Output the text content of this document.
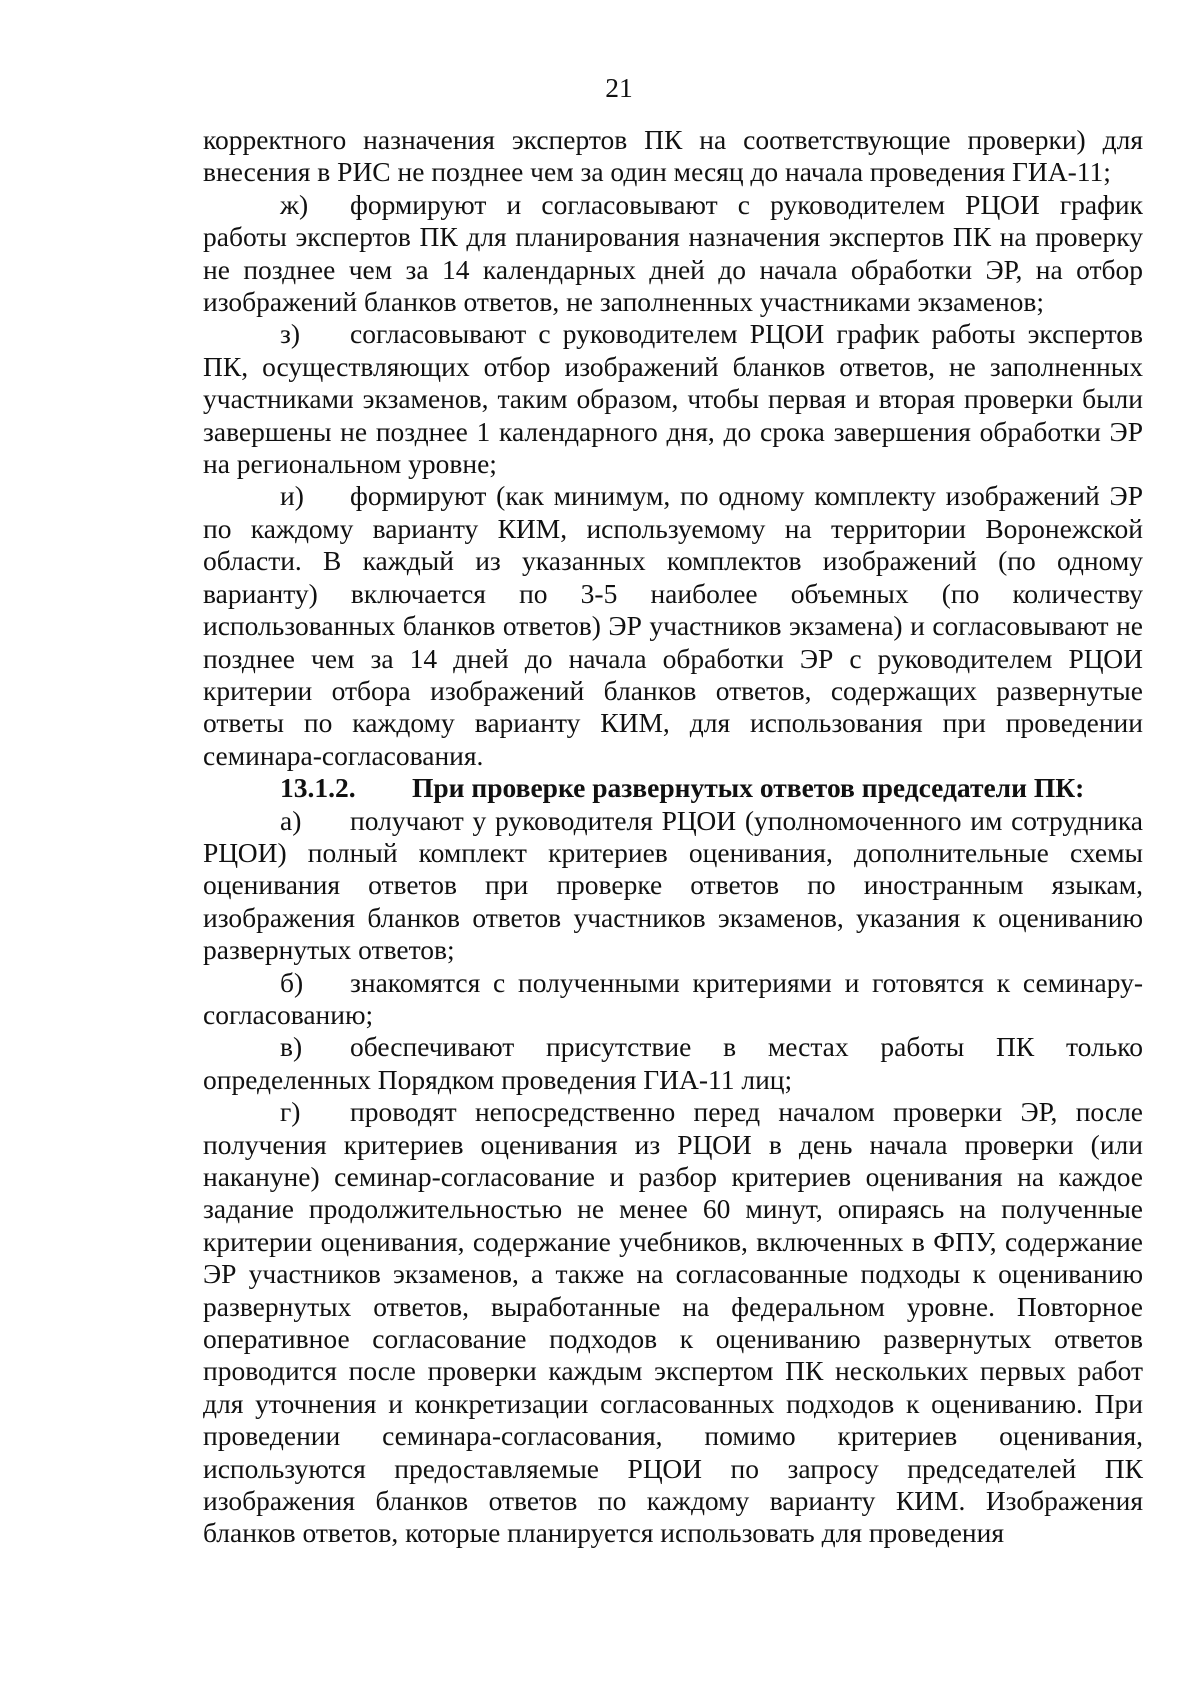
21

корректного назначения экспертов ПК на соответствующие проверки) для внесения в РИС не позднее чем за один месяц до начала проведения ГИА-11;

ж) формируют и согласовывают с руководителем РЦОИ график работы экспертов ПК для планирования назначения экспертов ПК на проверку не позднее чем за 14 календарных дней до начала обработки ЭР, на отбор изображений бланков ответов, не заполненных участниками экзаменов;

з) согласовывают с руководителем РЦОИ график работы экспертов ПК, осуществляющих отбор изображений бланков ответов, не заполненных участниками экзаменов, таким образом, чтобы первая и вторая проверки были завершены не позднее 1 календарного дня, до срока завершения обработки ЭР на региональном уровне;

и) формируют (как минимум, по одному комплекту изображений ЭР по каждому варианту КИМ, используемому на территории Воронежской области. В каждый из указанных комплектов изображений (по одному варианту) включается по 3-5 наиболее объемных (по количеству использованных бланков ответов) ЭР участников экзамена) и согласовывают не позднее чем за 14 дней до начала обработки ЭР с руководителем РЦОИ критерии отбора изображений бланков ответов, содержащих развернутые ответы по каждому варианту КИМ, для использования при проведении семинара-согласования.

13.1.2. При проверке развернутых ответов председатели ПК:

а) получают у руководителя РЦОИ (уполномоченного им сотрудника РЦОИ) полный комплект критериев оценивания, дополнительные схемы оценивания ответов при проверке ответов по иностранным языкам, изображения бланков ответов участников экзаменов, указания к оцениванию развернутых ответов;

б) знакомятся с полученными критериями и готовятся к семинару-согласованию;

в) обеспечивают присутствие в местах работы ПК только определенных Порядком проведения ГИА-11 лиц;

г) проводят непосредственно перед началом проверки ЭР, после получения критериев оценивания из РЦОИ в день начала проверки (или накануне) семинар-согласование и разбор критериев оценивания на каждое задание продолжительностью не менее 60 минут, опираясь на полученные критерии оценивания, содержание учебников, включенных в ФПУ, содержание ЭР участников экзаменов, а также на согласованные подходы к оцениванию развернутых ответов, выработанные на федеральном уровне. Повторное оперативное согласование подходов к оцениванию развернутых ответов проводится после проверки каждым экспертом ПК нескольких первых работ для уточнения и конкретизации согласованных подходов к оцениванию. При проведении семинара-согласования, помимо критериев оценивания, используются предоставляемые РЦОИ по запросу председателей ПК изображения бланков ответов по каждому варианту КИМ. Изображения бланков ответов, которые планируется использовать для проведения
